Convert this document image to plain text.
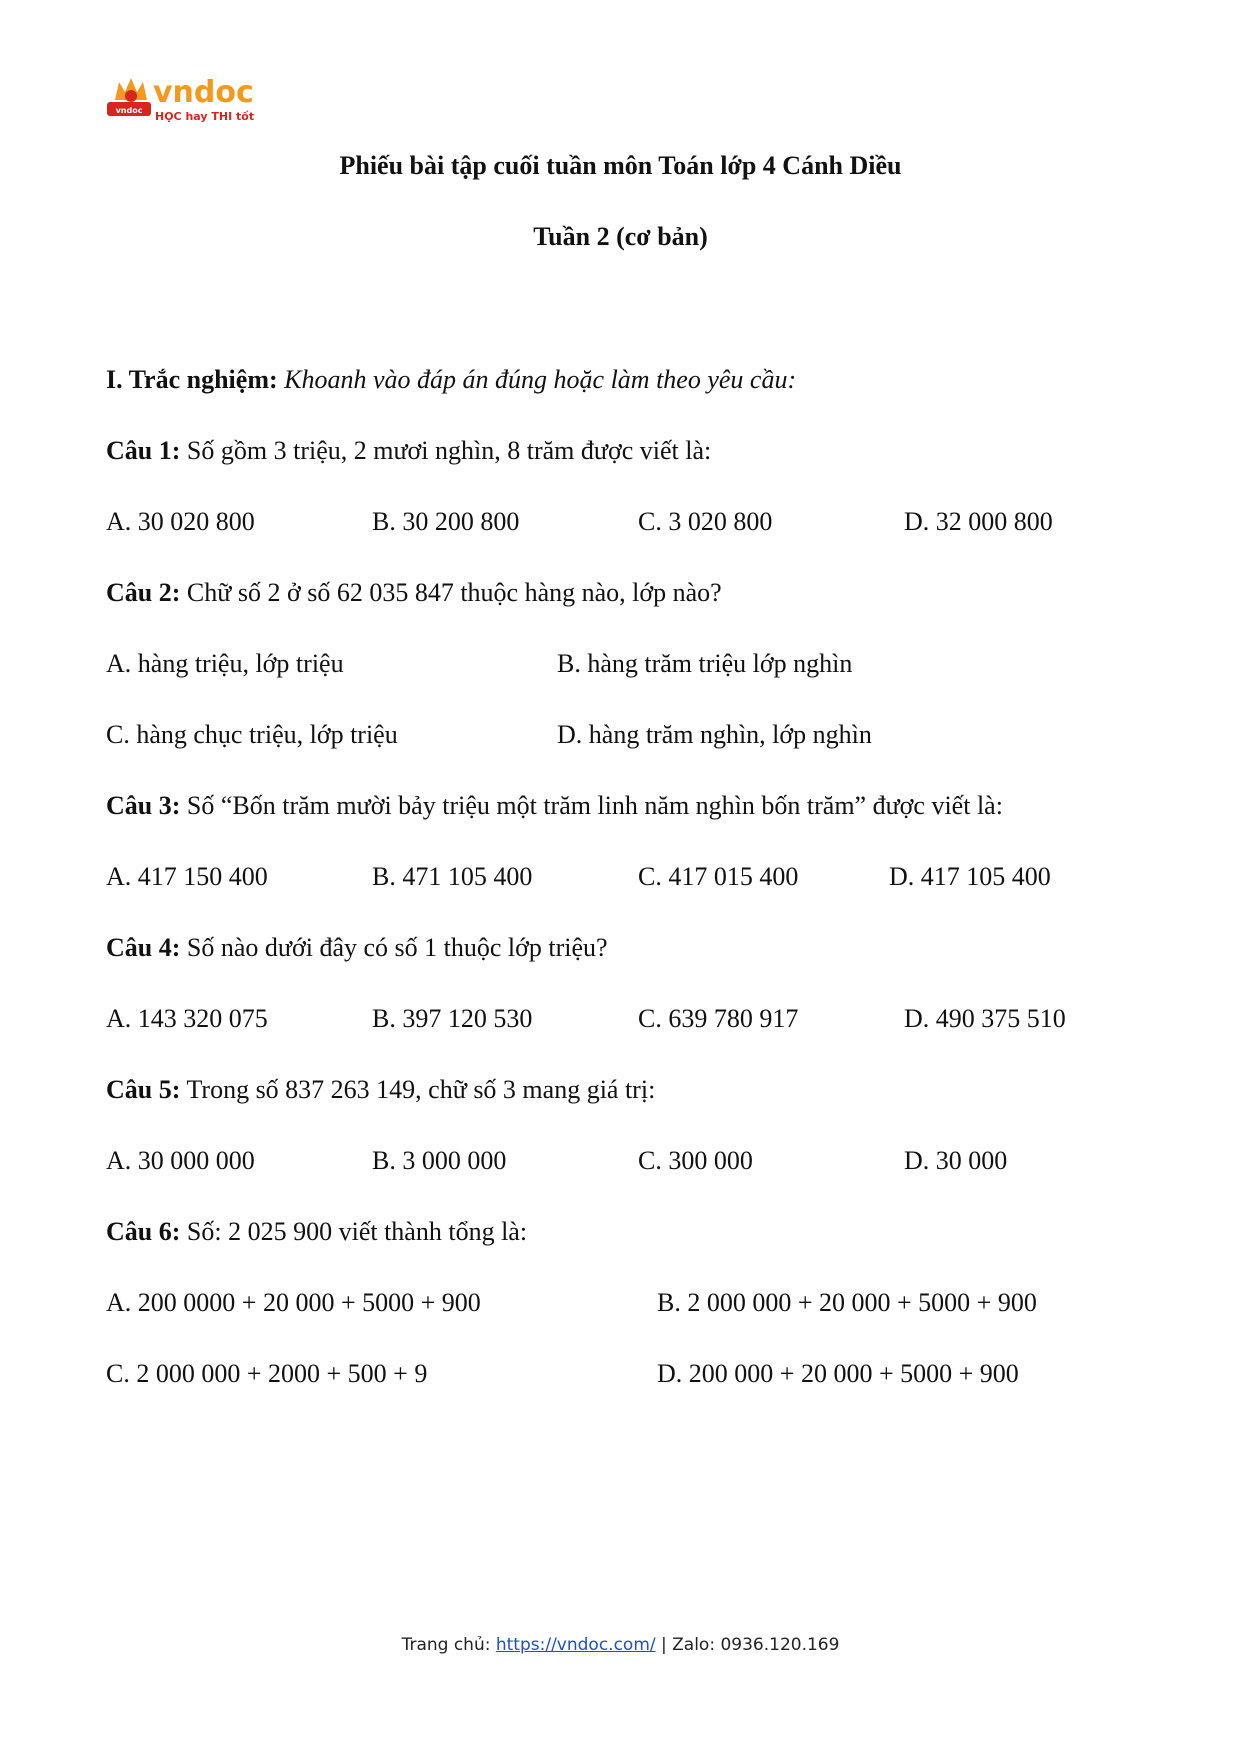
vndoc
vndoc
HỌC hay THI tốt
Phiếu bài tập cuối tuần môn Toán lớp 4 Cánh Diều
Tuần 2 (cơ bản)
I. Trắc nghiệm: Khoanh vào đáp án đúng hoặc làm theo yêu cầu:
Câu 1: Số gồm 3 triệu, 2 mươi nghìn, 8 trăm được viết là:
A. 30 020 800	B. 30 200 800	C. 3 020 800	D. 32 000 800
Câu 2: Chữ số 2 ở số 62 035 847 thuộc hàng nào, lớp nào?
A. hàng triệu, lớp triệu	B. hàng trăm triệu lớp nghìn
C. hàng chục triệu, lớp triệu	D. hàng trăm nghìn, lớp nghìn
Câu 3: Số “Bốn trăm mười bảy triệu một trăm linh năm nghìn bốn trăm” được viết là:
A. 417 150 400	B. 471 105 400	C. 417 015 400	D. 417 105 400
Câu 4: Số nào dưới đây có số 1 thuộc lớp triệu?
A. 143 320 075	B. 397 120 530	C. 639 780 917	D. 490 375 510
Câu 5: Trong số 837 263 149, chữ số 3 mang giá trị:
A. 30 000 000	B. 3 000 000	C. 300 000	D. 30 000
Câu 6: Số: 2 025 900 viết thành tổng là:
A. 200 0000 + 20 000 + 5000 + 900	B. 2 000 000 + 20 000 + 5000 + 900
C. 2 000 000 + 2000 + 500 + 9	D. 200 000 + 20 000 + 5000 + 900
Trang chủ: https://vndoc.com/ | Zalo: 0936.120.169
